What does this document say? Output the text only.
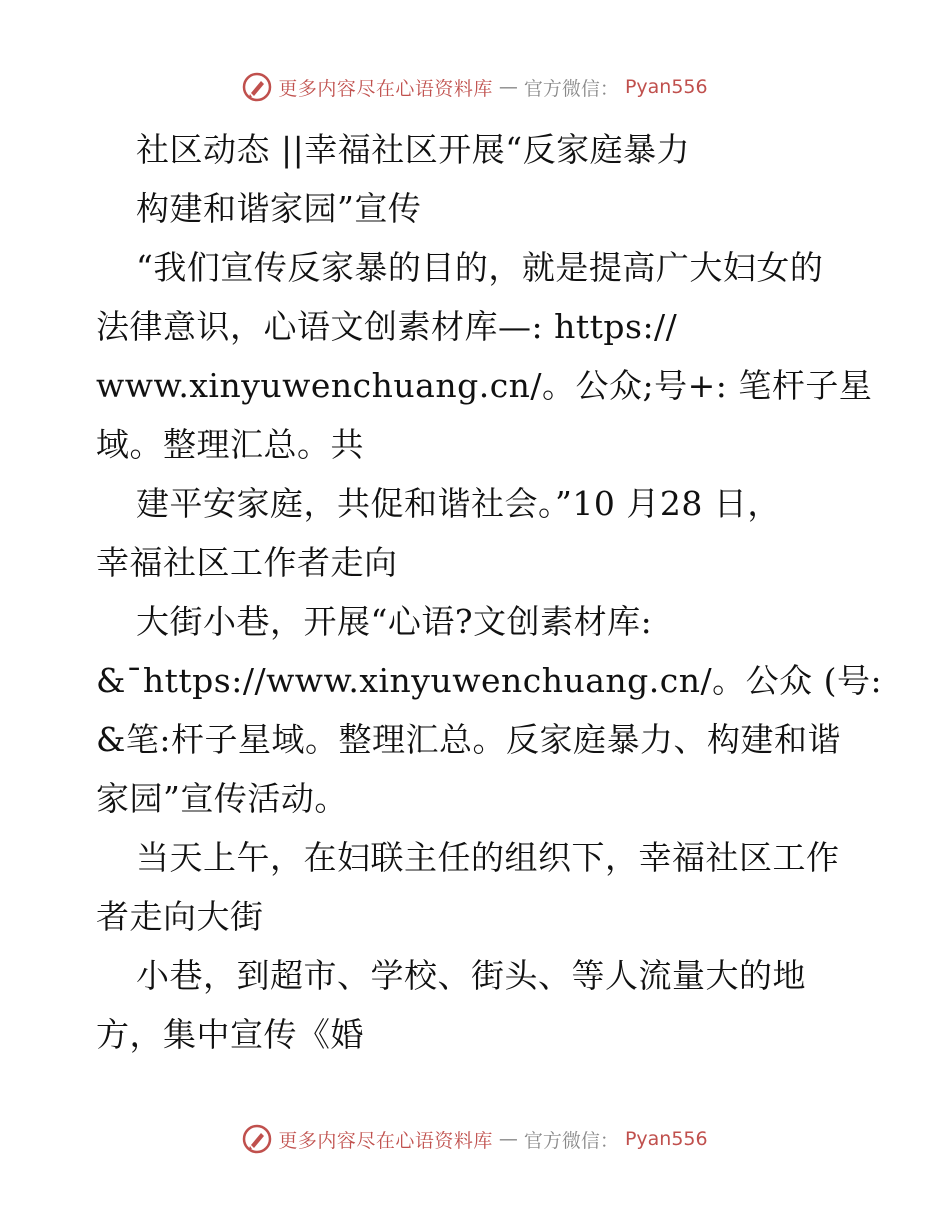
更多内容尽在心语资料库 — 官方微信： Pyan556
社区动态 ||幸福社区开展“反家庭暴力
构建和谐家园”宣传
“我们宣传反家暴的目的，就是提高广大妇女的
法律意识，心语文创素材库—: https://
www.xinyuwenchuang.cn/。公众;号+: 笔杆子星
域。整理汇总。共
建平安家庭，共促和谐社会。”10 月28 日，
幸福社区工作者走向
大街小巷，开展“心语?文创素材库:
&¯https://www.xinyuwenchuang.cn/。公众 (号:
&笔:杆子星域。整理汇总。反家庭暴力、构建和谐
家园”宣传活动。
当天上午，在妇联主任的组织下，幸福社区工作
者走向大街
小巷，到超市、学校、街头、等人流量大的地
方，集中宣传《婚
更多内容尽在心语资料库 — 官方微信： Pyan556
